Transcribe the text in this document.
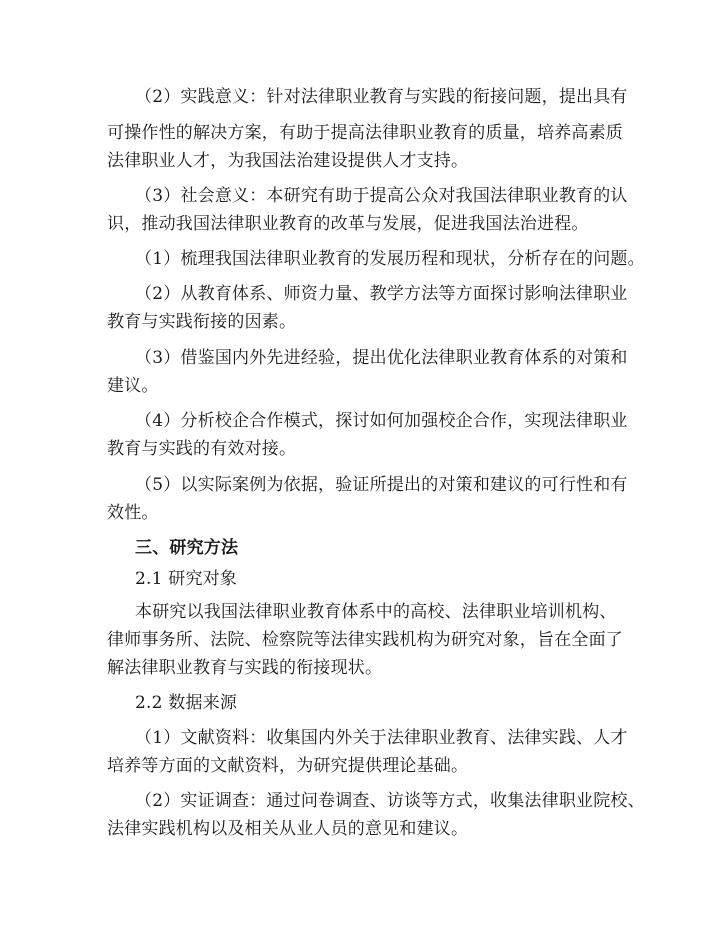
（2）实践意义：针对法律职业教育与实践的衔接问题，提出具有
可操作性的解决方案，有助于提高法律职业教育的质量，培养高素质
法律职业人才，为我国法治建设提供人才支持。
（3）社会意义：本研究有助于提高公众对我国法律职业教育的认
识，推动我国法律职业教育的改革与发展，促进我国法治进程。
（1）梳理我国法律职业教育的发展历程和现状，分析存在的问题。
（2）从教育体系、师资力量、教学方法等方面探讨影响法律职业
教育与实践衔接的因素。
（3）借鉴国内外先进经验，提出优化法律职业教育体系的对策和
建议。
（4）分析校企合作模式，探讨如何加强校企合作，实现法律职业
教育与实践的有效对接。
（5）以实际案例为依据，验证所提出的对策和建议的可行性和有
效性。
三、研究方法
2.1 研究对象
本研究以我国法律职业教育体系中的高校、法律职业培训机构、
律师事务所、法院、检察院等法律实践机构为研究对象，旨在全面了
解法律职业教育与实践的衔接现状。
2.2 数据来源
（1）文献资料：收集国内外关于法律职业教育、法律实践、人才
培养等方面的文献资料，为研究提供理论基础。
（2）实证调查：通过问卷调查、访谈等方式，收集法律职业院校、
法律实践机构以及相关从业人员的意见和建议。
